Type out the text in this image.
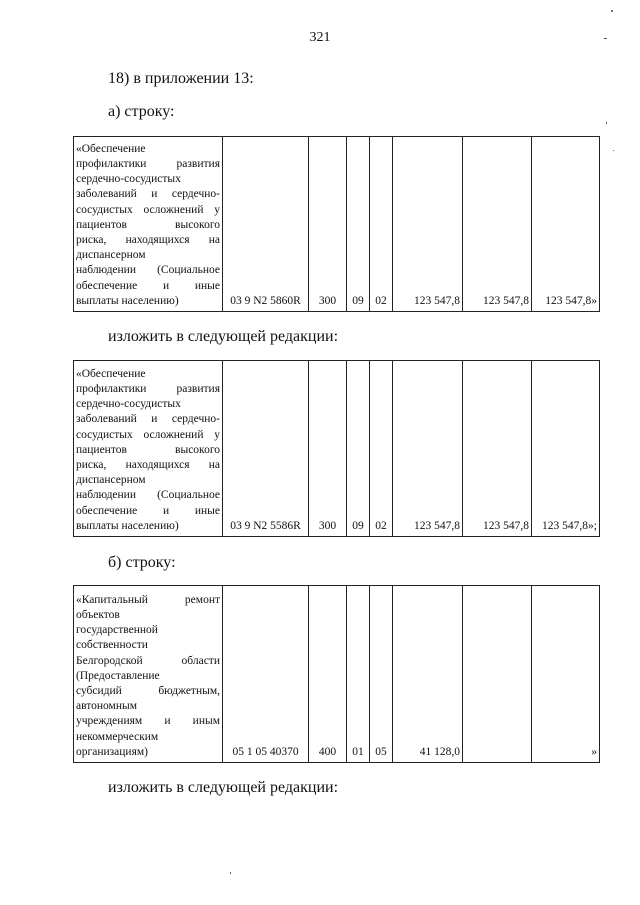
321
18) в приложении 13:
а) строку:
«Обеспечение
профилактики развития
сердечно-сосудистых
заболеваний и сердечно-
сосудистых осложнений у
пациентов высокого
риска, находящихся на
диспансерном
наблюдении (Социальное
обеспечение и иные
выплаты населению)	03 9 N2 5860R	300	09	02	123 547,8	123 547,8	123 547,8»
изложить в следующей редакции:
«Обеспечение
профилактики развития
сердечно-сосудистых
заболеваний и сердечно-
сосудистых осложнений у
пациентов высокого
риска, находящихся на
диспансерном
наблюдении (Социальное
обеспечение и иные
выплаты населению)	03 9 N2 5586R	300	09	02	123 547,8	123 547,8	123 547,8»;
б) строку:
«Капитальный ремонт
объектов
государственной
собственности
Белгородской области
(Предоставление
субсидий бюджетным,
автономным
учреждениям и иным
некоммерческим
организациям)	05 1 05 40370	400	01	05	41 128,0		»
изложить в следующей редакции:
